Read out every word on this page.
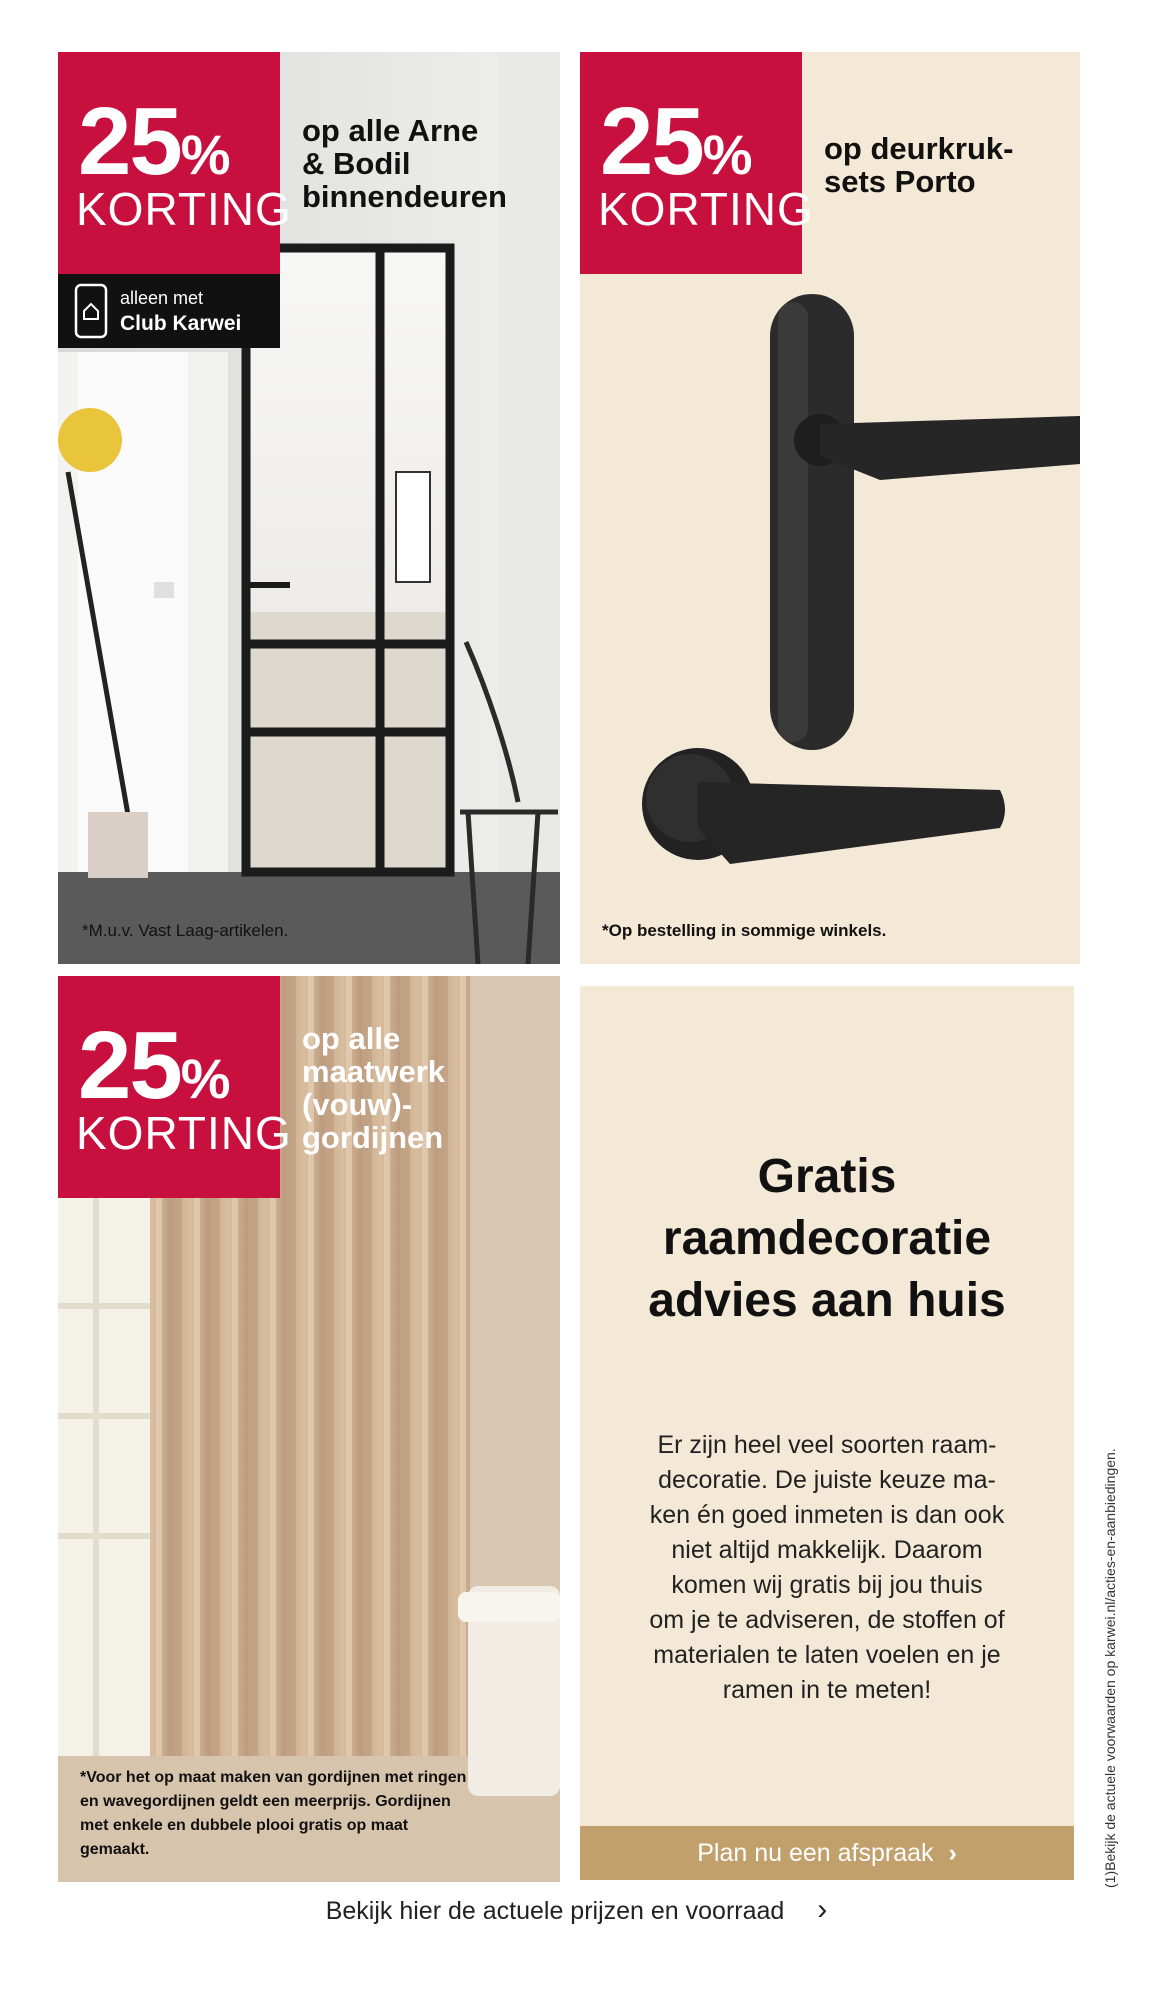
25%
KORTING
alleen met
Club Karwei
op alle Arne
& Bodil
binnendeuren
*M.u.v. Vast Laag-artikelen.
25%
KORTING
op deurkruk-
sets Porto
*Op bestelling in sommige winkels.
25%
KORTING
op alle
maatwerk
(vouw)-
gordijnen
*Voor het op maat maken van gordijnen met ringen
en wavegordijnen geldt een meerprijs. Gordijnen
met enkele en dubbele plooi gratis op maat
gemaakt.
Gratis
raamdecoratie
advies aan huis
Er zijn heel veel soorten raam-
decoratie. De juiste keuze ma-
ken én goed inmeten is dan ook
niet altijd makkelijk. Daarom
komen wij gratis bij jou thuis
om je te adviseren, de stoffen of
materialen te laten voelen en je
ramen in te meten!
Plan nu een afspraak ›	(1)Bekijk de actuele voorwaarden op karwei.nl/acties-en-aanbiedingen.
Bekijk hier de actuele prijzen en voorraad ›
